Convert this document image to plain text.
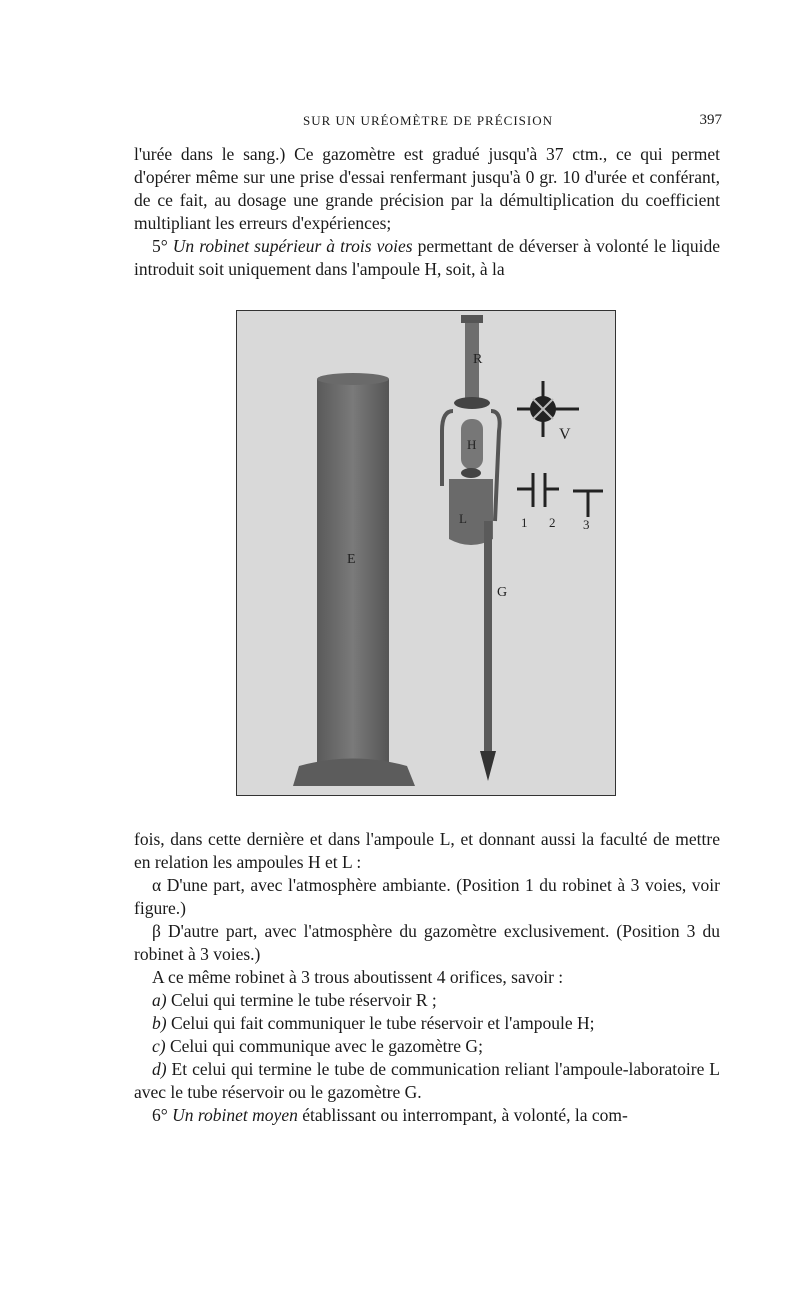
SUR UN URÉOMÈTRE DE PRÉCISION	397

l'urée dans le sang.) Ce gazomètre est gradué jusqu'à 37 ctm., ce qui permet d'opérer même sur une prise d'essai renfermant jusqu'à 0 gr. 10 d'urée et conférant, de ce fait, au dosage une grande précision par la démultiplication du coefficient multipliant les erreurs d'expériences;

5° Un robinet supérieur à trois voies permettant de déverser à volonté le liquide introduit soit uniquement dans l'ampoule H, soit, à la

R
H
L
G
E
V
1 2 3

fois, dans cette dernière et dans l'ampoule L, et donnant aussi la faculté de mettre en relation les ampoules H et L :

α D'une part, avec l'atmosphère ambiante. (Position 1 du robinet à 3 voies, voir figure.)

β D'autre part, avec l'atmosphère du gazomètre exclusivement. (Position 3 du robinet à 3 voies.)

A ce même robinet à 3 trous aboutissent 4 orifices, savoir :

a) Celui qui termine le tube réservoir R ;

b) Celui qui fait communiquer le tube réservoir et l'ampoule H;

c) Celui qui communique avec le gazomètre G;

d) Et celui qui termine le tube de communication reliant l'ampoule-laboratoire L avec le tube réservoir ou le gazomètre G.

6° Un robinet moyen établissant ou interrompant, à volonté, la com-
